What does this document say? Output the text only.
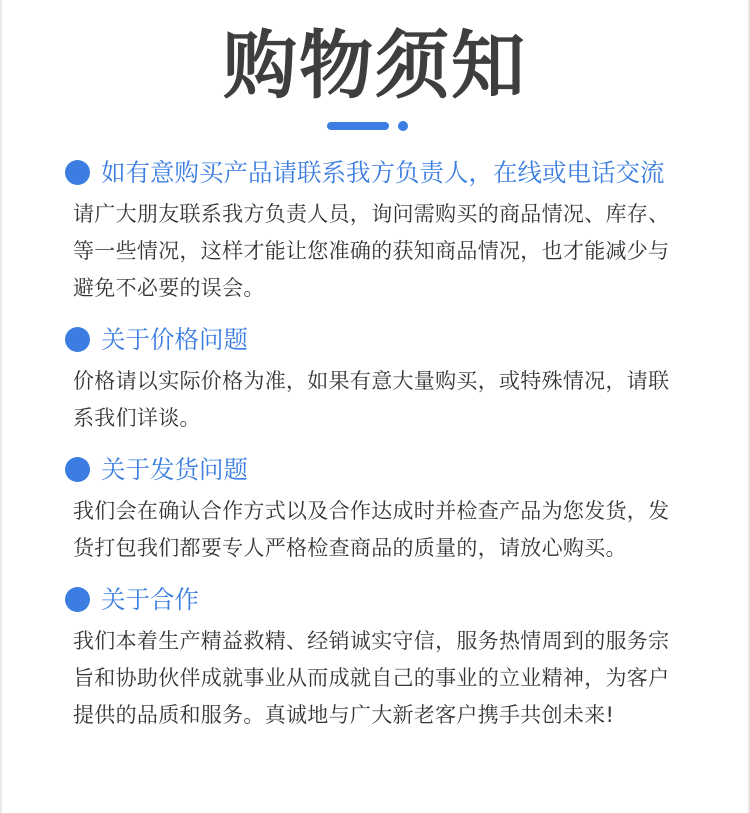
购物须知
如有意购买产品请联系我方负责人，在线或电话交流
请广大朋友联系我方负责人员，询问需购买的商品情况、库存、
等一些情况，这样才能让您准确的获知商品情况，也才能减少与
避免不必要的误会。
关于价格问题
价格请以实际价格为准，如果有意大量购买，或特殊情况，请联
系我们详谈。
关于发货问题
我们会在确认合作方式以及合作达成时并检查产品为您发货，发
货打包我们都要专人严格检查商品的质量的，请放心购买。
关于合作
我们本着生产精益救精、经销诚实守信，服务热情周到的服务宗
旨和协助伙伴成就事业从而成就自己的事业的立业精神，为客户
提供的品质和服务。真诚地与广大新老客户携手共创未来!
